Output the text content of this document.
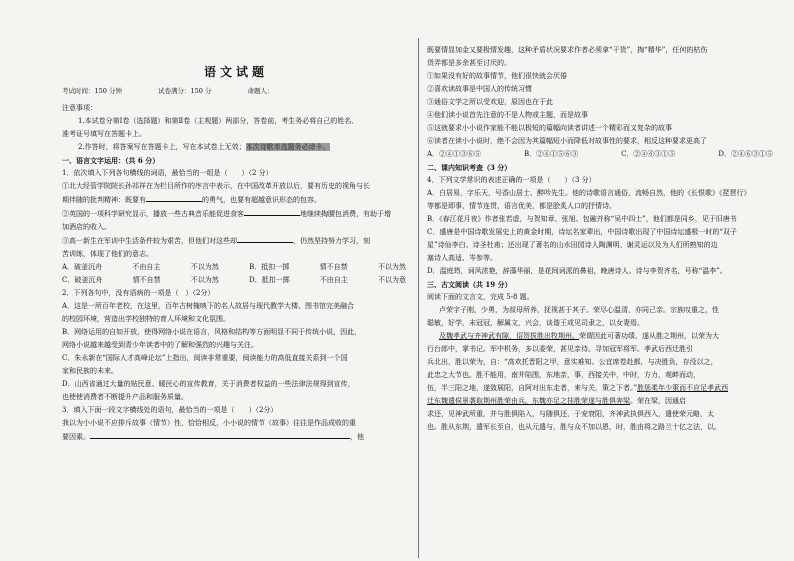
语文试题
考试时间：150 分钟	试卷满分：150 分	命题人：

注意事项：

1.本试卷分第Ⅰ卷（选择题）和第Ⅱ卷（主观题）两部分，答卷前，考生务必将自己的姓名、

准考证号填写在答题卡上。

2.作答时，将答案写在答题卡上，写在本试卷上无效；本次诗歌单选题务必涂卡。

一、语言文字运用：（共 6 分）

1．依次填入下列各句横线的词语，最恰当的一组是（　　）（2 分）

①北大经管学院院长孙祁祥在为栏目所作的序言中表示，在中国改革开放以后，要有历史的视角与长

期伴随的批判精神：既要有	的勇气，也要有超越意识形态的包容。

②英国的一项科学研究显示，播放一些古典音乐能促进食客	地继续掏腰包消费，有助于增

加酒店的收入。

③高一新生在军训中生活条件较为艰苦，但他们对这些却	，仍然坚持努力学习，刻

苦训练，体现了他们的意志。

A．破釜沉舟	不由自主	不以为然	B．抵扣一掷	情不自禁	不以为然
C．破釜沉舟	情不自禁	不以为然	D．抵扣一掷	不由自主	不以为意

2．下列各句中，没有语病的一项是（　）（2分）

A．这是一所百年老校，在这里，百年古树掩映下的名人故居与现代教学大楼、图书馆完美融合

的校园环境，营造出学校独特的育人环境和文化氛围。

B．网络运用的自如开放，使得网络小说在语言，风格和结构等方面明显不同于传统小说，因此，

网络小说越来越受到青少年读者中的了解和强烈的兴趣与关注。

C．朱永新在“国际人才高峰论坛”上指出，阅读非常重要，阅读能力的高低直接关系到一个国

家和民族的未来。

D．山西省通过大量的贴民意、暖民心的宣传教育，关于消费者权益的一些法律法规得到宣传，

也使使消费者不断提升产品和服务质量。

3．填入下面一段文字横线处的语句，最恰当的一项是（　　）（2分）

我以为小小说不应排斥故事（情节）性，恰恰相反，小小说的情节（故事）往往是作品成败的重

要因素。	，他

既要情显加金又要极情发趣，这种矛盾状况要求作者必须拿“干货”，掏“精华”，任何的枯伤

货弄都是多余甚至讨厌的。

①如果没有好的故事情节，他们很快就会厌倦

②喜欢读故事是中国人的传统习惯

③通俗文学之所以受欢迎，原因也在于此

④他们读小说首先注意的不是人物或主题，而是故事

⑤这就要求小小说作家能不能以极短的篇幅向读者讲述一个精彩而又复杂的故事

⑥读者在读小小说时，绝不会因为其篇幅短小而降低对故事性的要求，相反这种要求更高了

A．②④①③⑥⑤	B．②④①⑤⑥③	C．②④⑥③①⑤	D．②④⑥③①⑤

二、课内知识考查（3 分）

4．下列文学常识的表述正确的一项是（　　）（3 分）

A．白居易，字乐天，号香山居士、醉吟先生。他的诗歌语言通俗，流畅自然，他的《长恨歌》《琵琶行》

等都是即事，情节连贯，语言优美，都是脍炙人口的抒情诗。

B．《春江花月夜》作者张若虚，与贺知章、张旭、包融并称“吴中四士”，他们都是同乡，见于旧唐书

C．盛唐是中国诗歌发展史上的黄金时期，诗坛名家辈出，中国诗歌出现了中国诗坛盛极一时的“双子

星”诗仙李白、诗圣杜甫；还出现了著名的山水田园诗人陶渊明、谢灵运以及为人们所熟知的边

塞诗人高适、岑参等。

D．温庭筠，词风浓艳，辞藻华丽，是花间词派的鼻祖，晚唐诗人。诗与李贺齐名，号称“温李”。

三、古文阅读（共 19 分）

阅读下面的文言文，完成 5-8 题。

卢荣字子刚，少勇，为叔母所养，抚视甚于其子。荣尽心温清，亦同己亲。宗族叹重之，性

聪敏，好学，未冠冠，解属文，兴会，谈谐王或见司隶之，以女妻焉。

及魏孝武与齐神武有隙，诏贺拔胜出牧荆州。荣谓因此可著功绩，遂从胜之荆州，以荣为大

行台郎中，掌书记。军中机务，多以委荣，甚见亲待。寻加冠军将军。孝武后西迁胜引

兵北出，胜以荣为，自：“高欢托晋阳之甲，意实难知。公宜席卷赴都，与决胜负，存没以之，

此忠之大节也。胜不能用，南井陷围，东地亲，事，西接关中，中时，方力，观衅而动，

伍，半三阳之地，遂敛展阳，自阿对出东走者，来与关，策之下者。”胜惩柔年少策而不应足孝武西

迁东魏遣侯景袭取荆州胜荣由兵。东魏亦足之挂胜荣遂与胜俱奔梁。荣在梁，因通启

求还，见神武所重，并与胜俱陷入，与随俱还，于宠衰阳，齐神武执俱西入，遣使荣元略，太

也。胜从东荆，遣军长至自，也从元遣与，胜与众不加以恩，时，胜由将之路兰十亿之法，以。
